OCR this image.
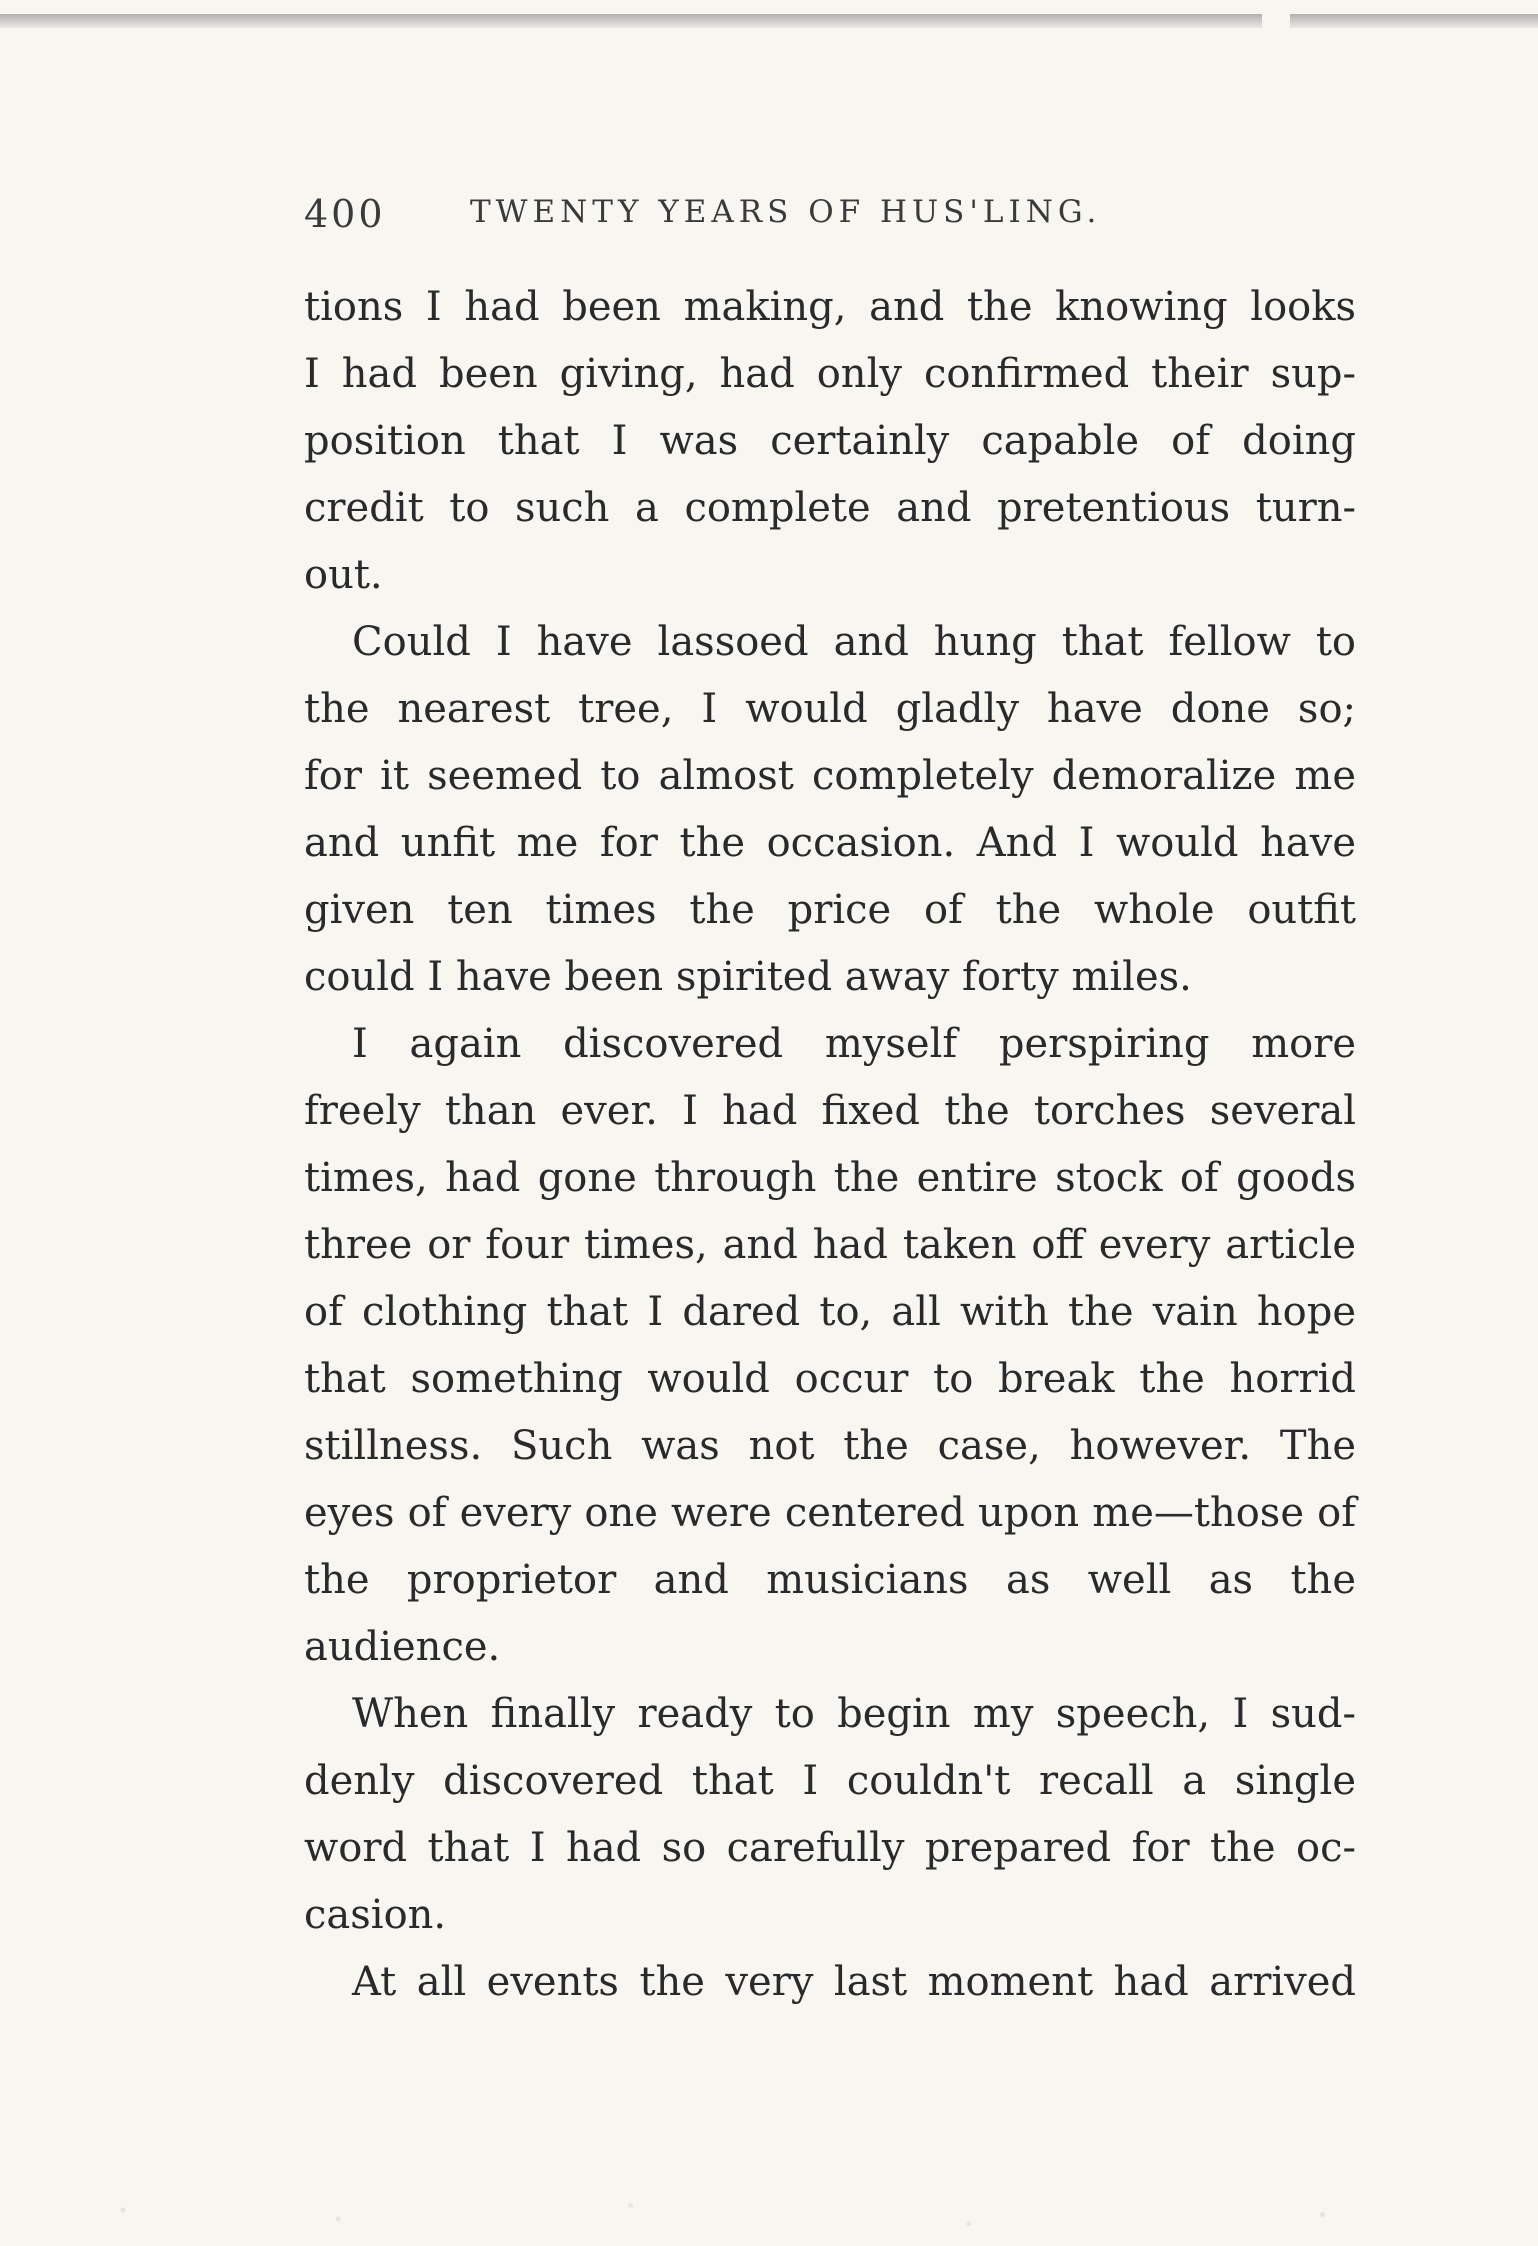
400	TWENTY YEARS OF HUS'LING.
tions I had been making, and the knowing looks
I had been giving, had only confirmed their sup-
position that I was certainly capable of doing
credit to such a complete and pretentious turn-
out.
Could I have lassoed and hung that fellow to
the nearest tree, I would gladly have done so;
for it seemed to almost completely demoralize me
and unfit me for the occasion. And I would have
given ten times the price of the whole outfit
could I have been spirited away forty miles.
I again discovered myself perspiring more
freely than ever. I had fixed the torches several
times, had gone through the entire stock of goods
three or four times, and had taken off every article
of clothing that I dared to, all with the vain hope
that something would occur to break the horrid
stillness. Such was not the case, however. The
eyes of every one were centered upon me—those of
the proprietor and musicians as well as the
audience.
When finally ready to begin my speech, I sud-
denly discovered that I couldn't recall a single
word that I had so carefully prepared for the oc-
casion.
At all events the very last moment had arrived
